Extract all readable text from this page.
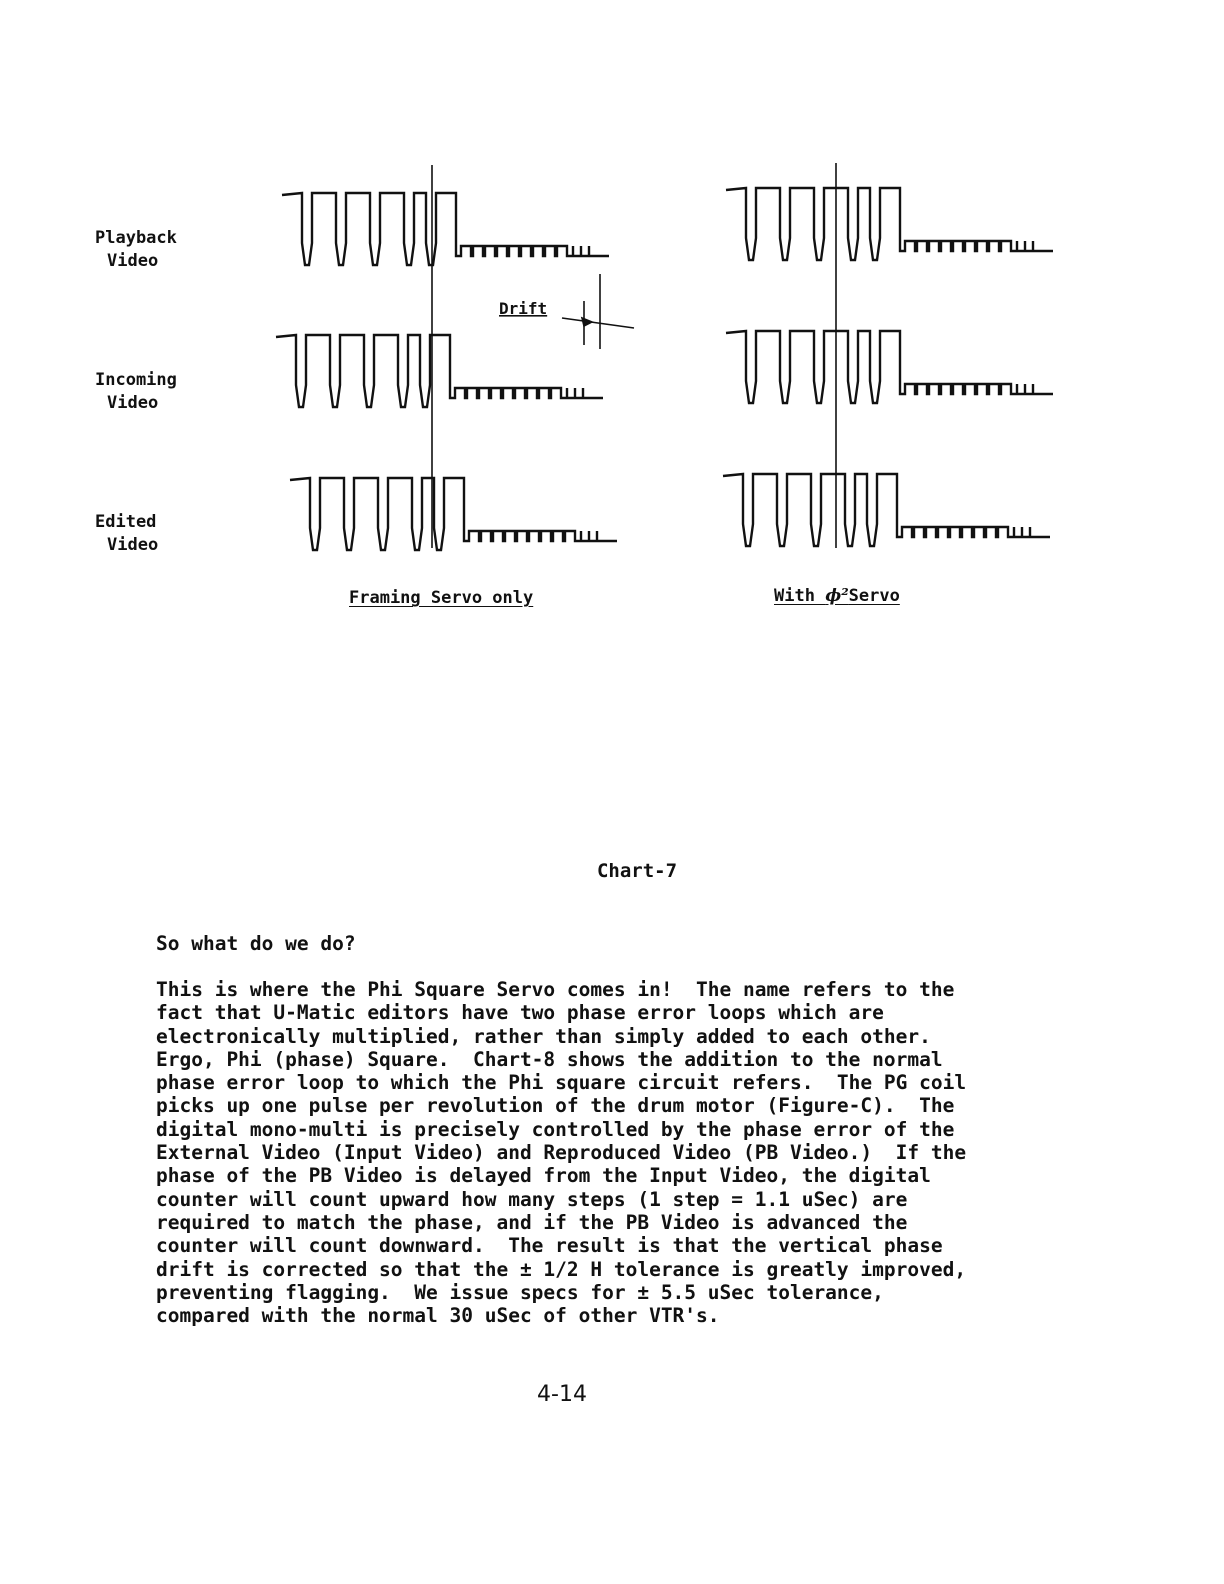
Playback
Video

Incoming
Video

Edited
Video

Drift

Framing Servo only	With ϕ²Servo

Chart-7

So what do we do?

This is where the Phi Square Servo comes in!  The name refers to the
fact that U-Matic editors have two phase error loops which are
electronically multiplied, rather than simply added to each other.
Ergo, Phi (phase) Square.  Chart-8 shows the addition to the normal
phase error loop to which the Phi square circuit refers.  The PG coil
picks up one pulse per revolution of the drum motor (Figure-C).  The
digital mono-multi is precisely controlled by the phase error of the
External Video (Input Video) and Reproduced Video (PB Video.)  If the
phase of the PB Video is delayed from the Input Video, the digital
counter will count upward how many steps (1 step = 1.1 uSec) are
required to match the phase, and if the PB Video is advanced the
counter will count downward.  The result is that the vertical phase
drift is corrected so that the ± 1/2 H tolerance is greatly improved,
preventing flagging.  We issue specs for ± 5.5 uSec tolerance,
compared with the normal 30 uSec of other VTR's.

4-14
